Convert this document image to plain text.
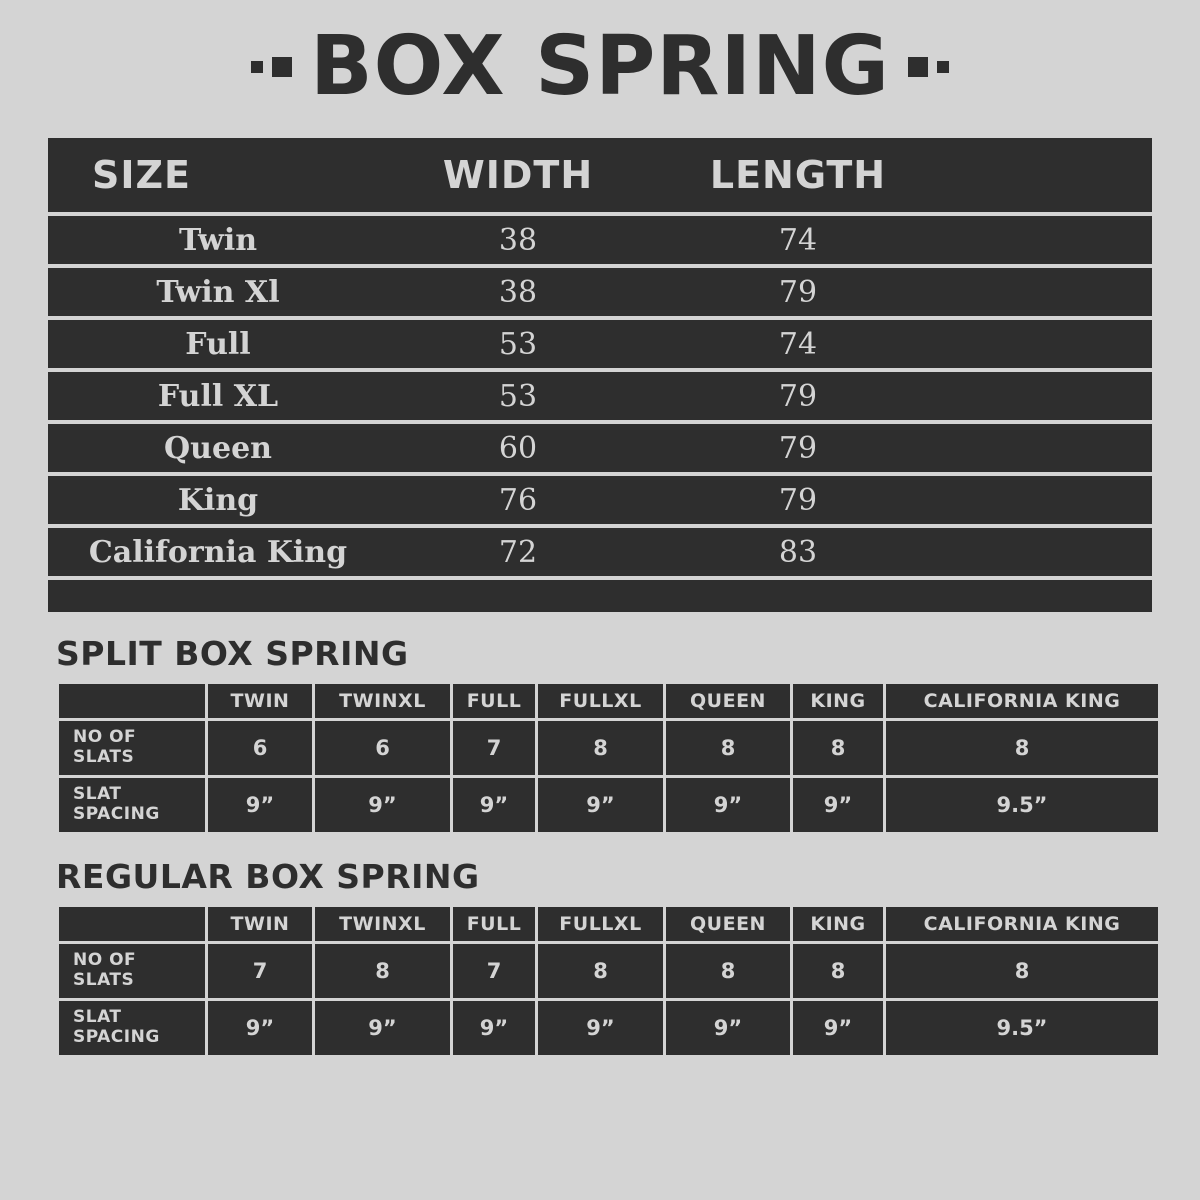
BOX SPRING
SIZE	WIDTH	LENGTH
Twin	38	74
Twin Xl	38	79
Full	53	74
Full XL	53	79
Queen	60	79
King	76	79
California King	72	83
SPLIT BOX SPRING
	TWIN	TWINXL	FULL	FULLXL	QUEEN	KING	CALIFORNIA KING
NO OF
SLATS	6	6	7	8	8	8	8
SLAT
SPACING	9”	9”	9”	9”	9”	9”	9.5”
REGULAR BOX SPRING
	TWIN	TWINXL	FULL	FULLXL	QUEEN	KING	CALIFORNIA KING
NO OF
SLATS	7	8	7	8	8	8	8
SLAT
SPACING	9”	9”	9”	9”	9”	9”	9.5”
